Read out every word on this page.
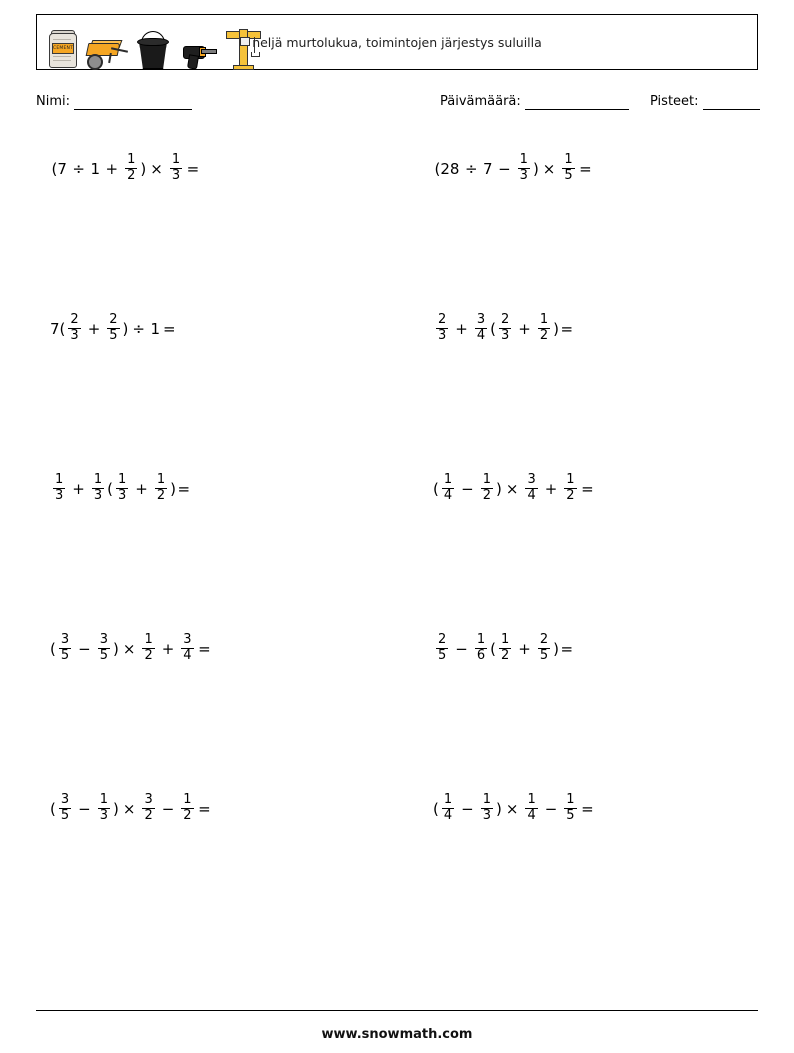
CEMENT	neljä murtolukua, toimintojen järjestys suluilla
Nimi:	Päivämäärä:	Pisteet:
($7 \div 1 + \frac{1}{2}$ ) × $\frac{1}{3}$ =	($28 \div 7 - \frac{1}{3}$ ) × $\frac{1}{5}$ =
$7( \frac{2}{3} + \frac{2}{5}$ ) ÷ 1 =	$\frac{2}{3} + \frac{3}{4}$ ( $\frac{2}{3} + \frac{1}{2}$ ) =
$\frac{1}{3} + \frac{1}{3}$ ( $\frac{1}{3} + \frac{1}{2}$ ) =	( $\frac{1}{4} - \frac{1}{2}$ ) × $\frac{3}{4} + \frac{1}{2}$ =
( $\frac{3}{5} - \frac{3}{5}$ ) × $\frac{1}{2} + \frac{3}{4}$ =	$\frac{2}{5} - \frac{1}{6}$ ( $\frac{1}{2} + \frac{2}{5}$ ) =
( $\frac{3}{5} - \frac{1}{3}$ ) × $\frac{3}{2} - \frac{1}{2}$ =	( $\frac{1}{4} - \frac{1}{3}$ ) × $\frac{1}{4} - \frac{1}{5}$ =
www.snowmath.com
